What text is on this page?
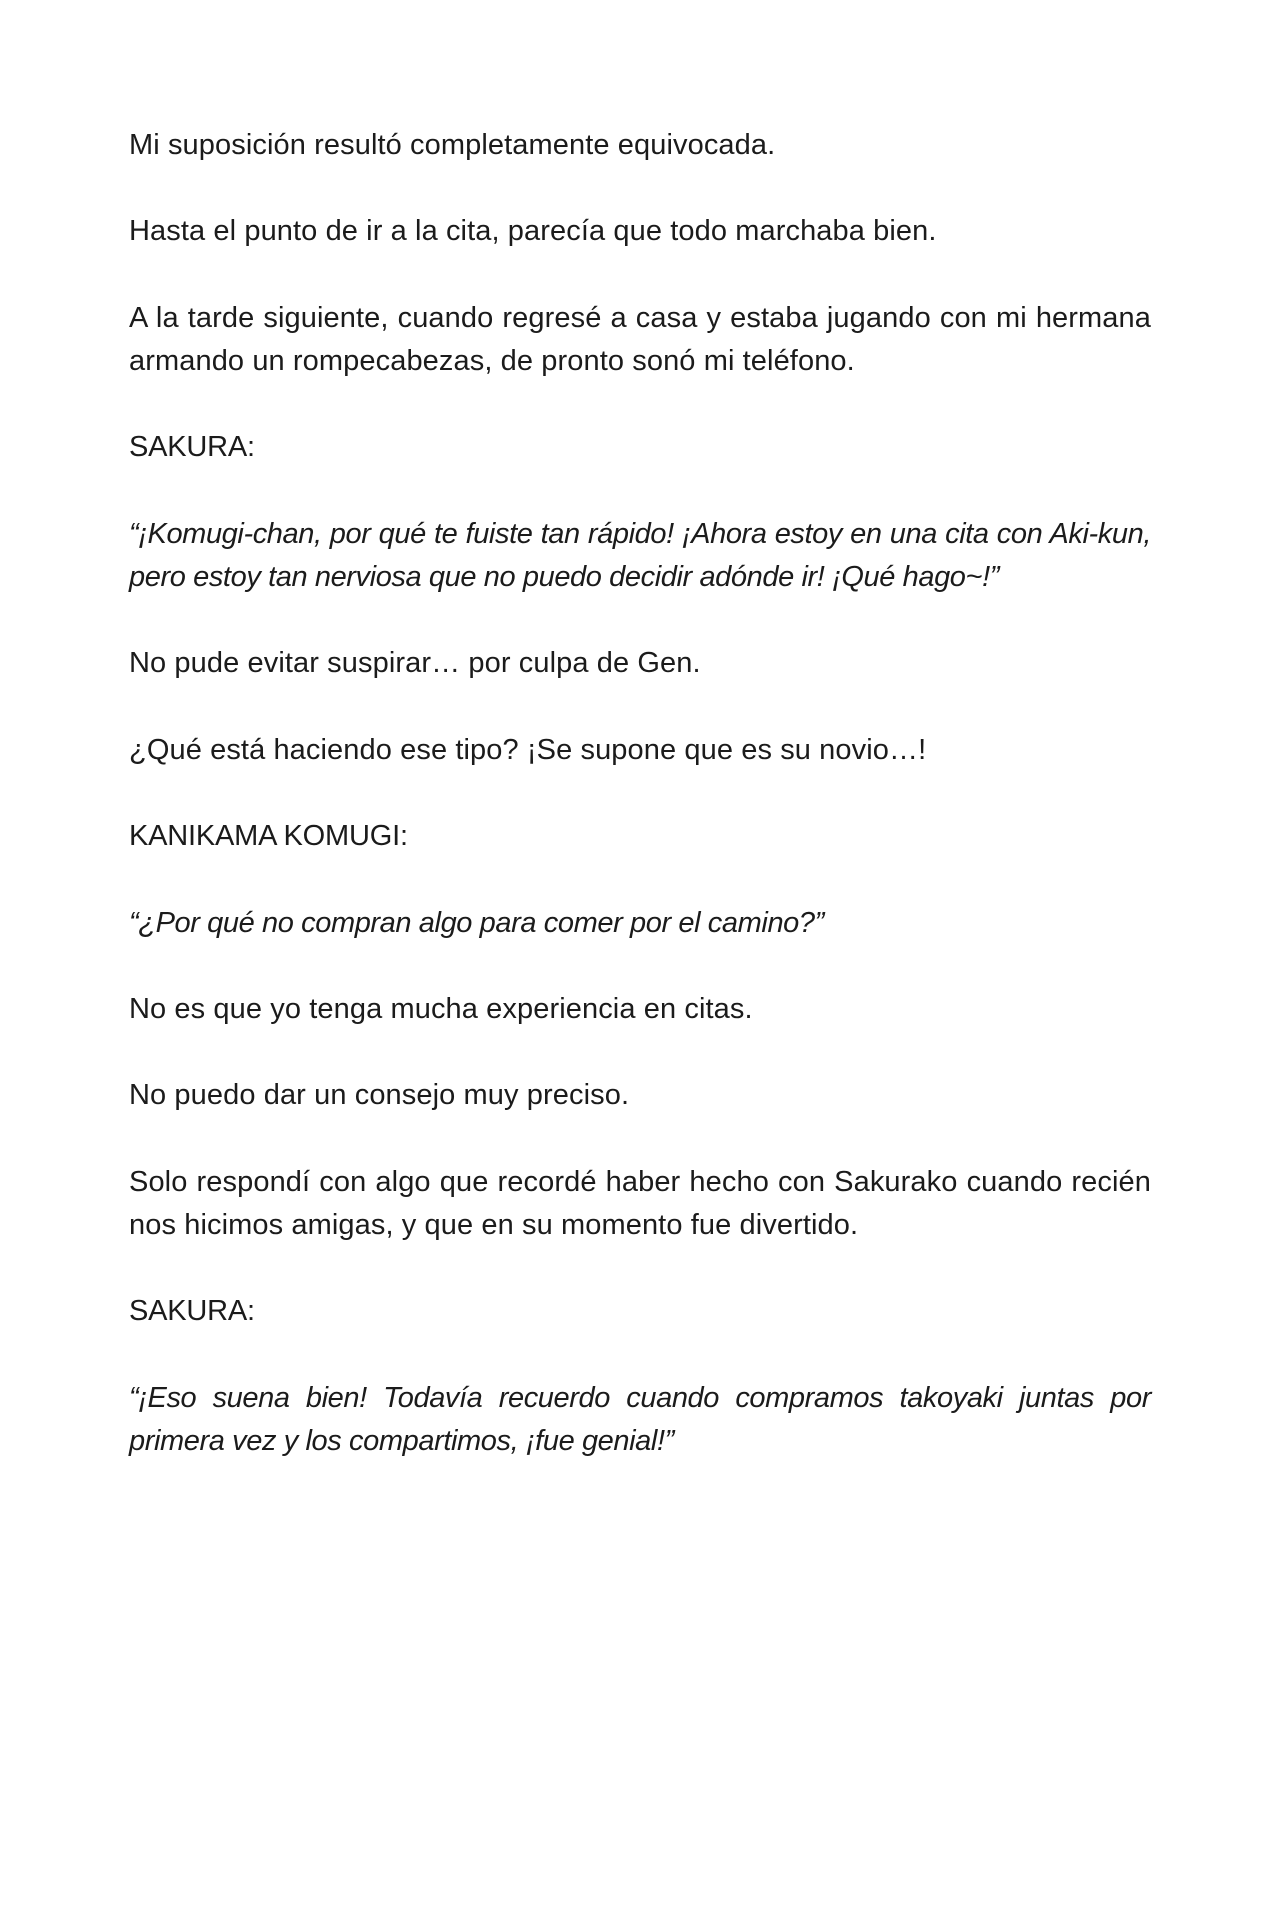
Mi suposición resultó completamente equivocada.

Hasta el punto de ir a la cita, parecía que todo marchaba bien.

A la tarde siguiente, cuando regresé a casa y estaba jugando con mi hermana armando un rompecabezas, de pronto sonó mi teléfono.

SAKURA:

“¡Komugi-chan, por qué te fuiste tan rápido! ¡Ahora estoy en una cita con Aki-kun, pero estoy tan nerviosa que no puedo decidir adónde ir! ¡Qué hago~!”

No pude evitar suspirar… por culpa de Gen.

¿Qué está haciendo ese tipo? ¡Se supone que es su novio…!

KANIKAMA KOMUGI:

“¿Por qué no compran algo para comer por el camino?”

No es que yo tenga mucha experiencia en citas.

No puedo dar un consejo muy preciso.

Solo respondí con algo que recordé haber hecho con Sakurako cuando recién nos hicimos amigas, y que en su momento fue divertido.

SAKURA:

“¡Eso suena bien! Todavía recuerdo cuando compramos takoyaki juntas por primera vez y los compartimos, ¡fue genial!”
